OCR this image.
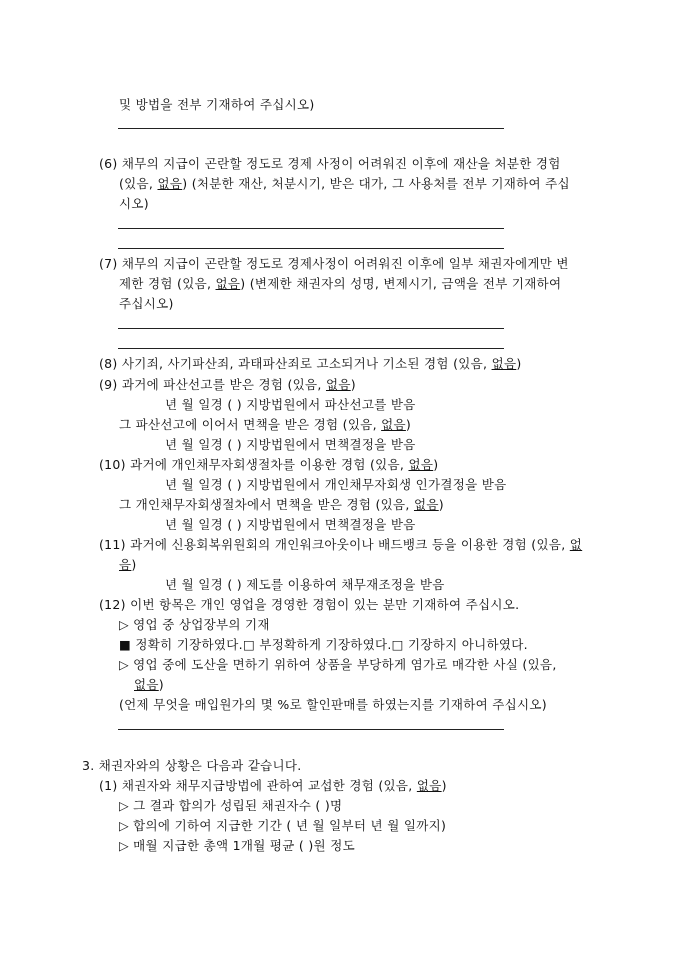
및 방법을 전부 기재하여 주십시오)
(6) 채무의 지급이 곤란할 정도로 경제 사정이 어려워진 이후에 재산을 처분한 경험
(있음, 없음) (처분한 재산, 처분시기, 받은 대가, 그 사용처를 전부 기재하여 주십
시오)
(7) 채무의 지급이 곤란할 정도로 경제사정이 어려워진 이후에 일부 채권자에게만 변
제한 경험 (있음, 없음) (변제한 채권자의 성명, 변제시기, 금액을 전부 기재하여
주십시오)
(8) 사기죄, 사기파산죄, 과태파산죄로 고소되거나 기소된 경험 (있음, 없음)
(9) 과거에 파산선고를 받은 경험 (있음, 없음)
년 월 일경 ( ) 지방법원에서 파산선고를 받음
그 파산선고에 이어서 면책을 받은 경험 (있음, 없음)
년 월 일경 ( ) 지방법원에서 면책결정을 받음
(10) 과거에 개인채무자회생절차를 이용한 경험 (있음, 없음)
년 월 일경 ( ) 지방법원에서 개인채무자회생 인가결정을 받음
그 개인채무자회생절차에서 면책을 받은 경험 (있음, 없음)
년 월 일경 ( ) 지방법원에서 면책결정을 받음
(11) 과거에 신용회복위원회의 개인워크아웃이나 배드뱅크 등을 이용한 경험 (있음, 없
음)
년 월 일경 ( ) 제도를 이용하여 채무재조정을 받음
(12) 이번 항목은 개인 영업을 경영한 경험이 있는 분만 기재하여 주십시오.
▷ 영업 중 상업장부의 기재
■ 정확히 기장하였다.□ 부정확하게 기장하였다.□ 기장하지 아니하였다.
▷ 영업 중에 도산을 면하기 위하여 상품을 부당하게 염가로 매각한 사실 (있음,
없음)
(언제 무엇을 매입원가의 몇 %로 할인판매를 하였는지를 기재하여 주십시오)
3. 채권자와의 상황은 다음과 같습니다.
(1) 채권자와 채무지급방법에 관하여 교섭한 경험 (있음, 없음)
▷ 그 결과 합의가 성립된 채권자수 ( )명
▷ 합의에 기하여 지급한 기간 ( 년 월 일부터 년 월 일까지)
▷ 매월 지급한 총액 1개월 평균 ( )원 정도
